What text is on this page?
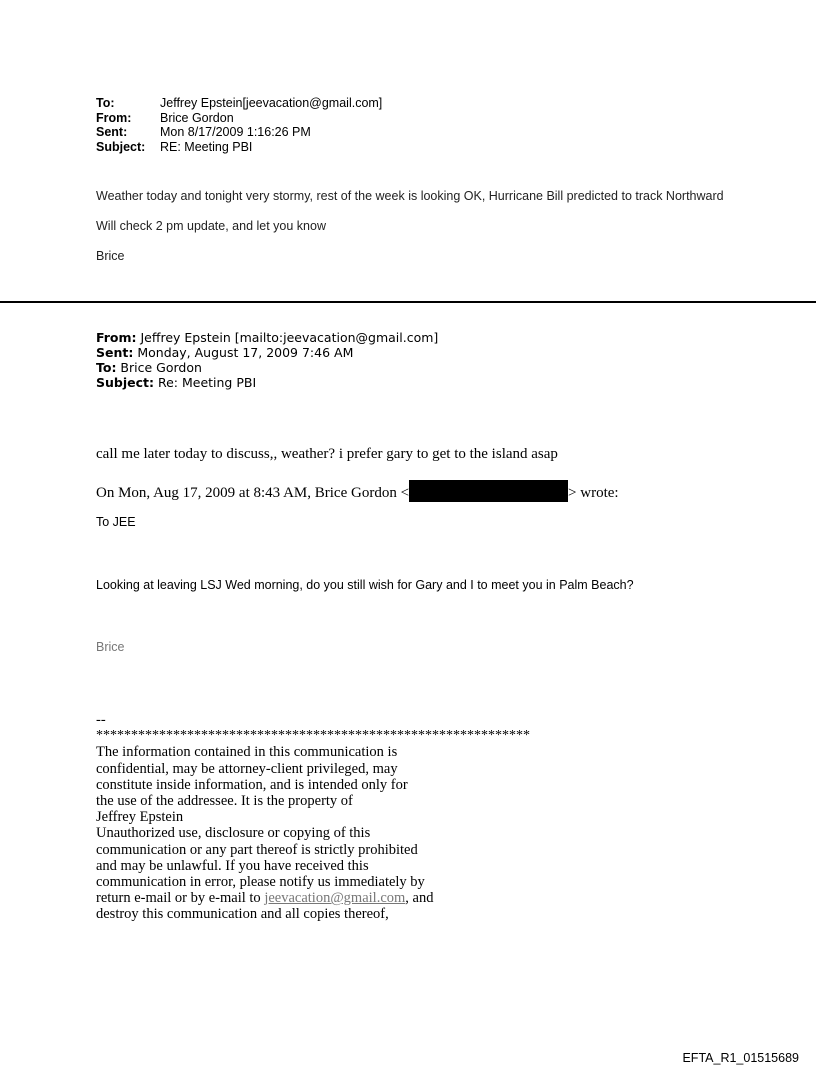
To:	Jeffrey Epstein[jeevacation@gmail.com]
From:	Brice Gordon
Sent:	Mon 8/17/2009 1:16:26 PM
Subject:	RE: Meeting PBI

Weather today and tonight very stormy, rest of the week is looking OK, Hurricane Bill predicted to track Northward

Will check 2 pm update, and let you know

Brice

From: Jeffrey Epstein [mailto:jeevacation@gmail.com]
Sent: Monday, August 17, 2009 7:46 AM
To: Brice Gordon
Subject: Re: Meeting PBI
call me later today to discuss,, weather? i prefer gary to get to the island asap
On Mon, Aug 17, 2009 at 8:43 AM, Brice Gordon <	> wrote:
To JEE
Looking at leaving LSJ Wed morning, do you still wish for Gary and I to meet you in Palm Beach?
Brice
--
**************************************************************
The information contained in this communication is
confidential, may be attorney-client privileged, may
constitute inside information, and is intended only for
the use of the addressee. It is the property of
Jeffrey Epstein
Unauthorized use, disclosure or copying of this
communication or any part thereof is strictly prohibited
and may be unlawful. If you have received this
communication in error, please notify us immediately by
return e-mail or by e-mail to jeevacation@gmail.com, and
destroy this communication and all copies thereof,
EFTA_R1_01515689
